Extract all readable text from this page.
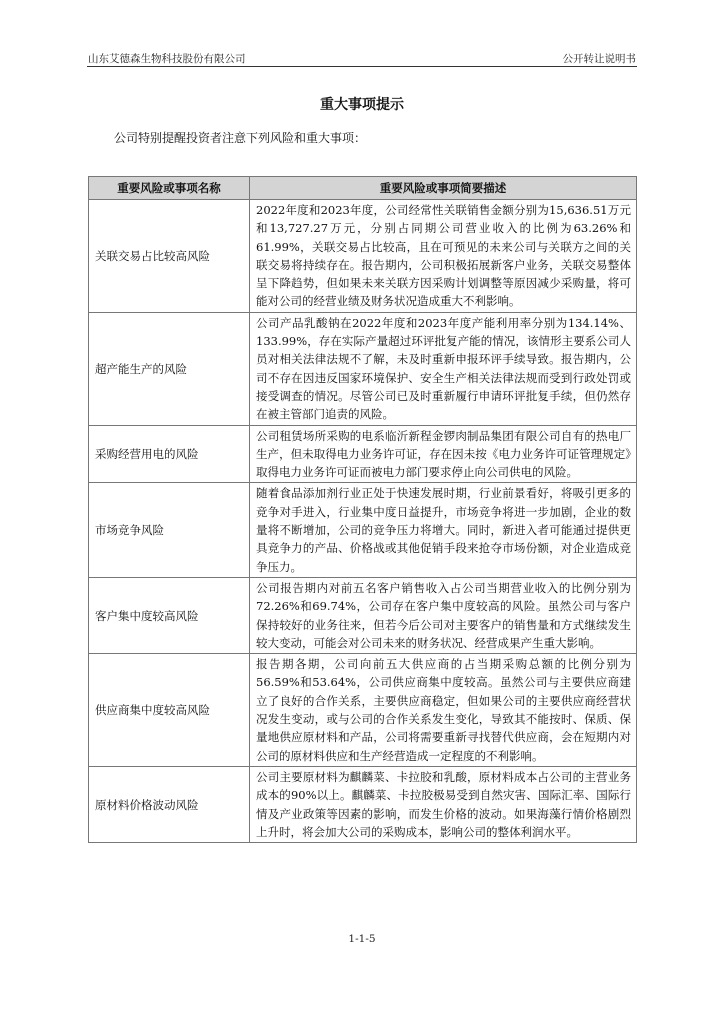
山东艾德森生物科技股份有限公司	公开转让说明书
重大事项提示
公司特别提醒投资者注意下列风险和重大事项：
重要风险或事项名称	重要风险或事项简要描述
关联交易占比较高风险	2022年度和2023年度，公司经常性关联销售金额分别为15,636.51万元和13,727.27万元，分别占同期公司营业收入的比例为63.26%和61.99%，关联交易占比较高，且在可预见的未来公司与关联方之间的关联交易将持续存在。报告期内，公司积极拓展新客户业务，关联交易整体呈下降趋势，但如果未来关联方因采购计划调整等原因减少采购量，将可能对公司的经营业绩及财务状况造成重大不利影响。
超产能生产的风险	公司产品乳酸钠在2022年度和2023年度产能利用率分别为134.14%、133.99%，存在实际产量超过环评批复产能的情况，该情形主要系公司人员对相关法律法规不了解，未及时重新申报环评手续导致。报告期内，公司不存在因违反国家环境保护、安全生产相关法律法规而受到行政处罚或接受调查的情况。尽管公司已及时重新履行申请环评批复手续，但仍然存在被主管部门追责的风险。
采购经营用电的风险	公司租赁场所采购的电系临沂新程金锣肉制品集团有限公司自有的热电厂生产，但未取得电力业务许可证，存在因未按《电力业务许可证管理规定》取得电力业务许可证而被电力部门要求停止向公司供电的风险。
市场竞争风险	随着食品添加剂行业正处于快速发展时期，行业前景看好，将吸引更多的竞争对手进入，行业集中度日益提升，市场竞争将进一步加剧，企业的数量将不断增加，公司的竞争压力将增大。同时，新进入者可能通过提供更具竞争力的产品、价格战或其他促销手段来抢夺市场份额，对企业造成竞争压力。
客户集中度较高风险	公司报告期内对前五名客户销售收入占公司当期营业收入的比例分别为72.26%和69.74%，公司存在客户集中度较高的风险。虽然公司与客户保持较好的业务往来，但若今后公司对主要客户的销售量和方式继续发生较大变动，可能会对公司未来的财务状况、经营成果产生重大影响。
供应商集中度较高风险	报告期各期，公司向前五大供应商的占当期采购总额的比例分别为56.59%和53.64%，公司供应商集中度较高。虽然公司与主要供应商建立了良好的合作关系，主要供应商稳定，但如果公司的主要供应商经营状况发生变动，或与公司的合作关系发生变化，导致其不能按时、保质、保量地供应原材料和产品，公司将需要重新寻找替代供应商，会在短期内对公司的原材料供应和生产经营造成一定程度的不利影响。
原材料价格波动风险	公司主要原材料为麒麟菜、卡拉胶和乳酸，原材料成本占公司的主营业务成本的90%以上。麒麟菜、卡拉胶极易受到自然灾害、国际汇率、国际行情及产业政策等因素的影响，而发生价格的波动。如果海藻行情价格剧烈上升时，将会加大公司的采购成本，影响公司的整体利润水平。
1-1-5
